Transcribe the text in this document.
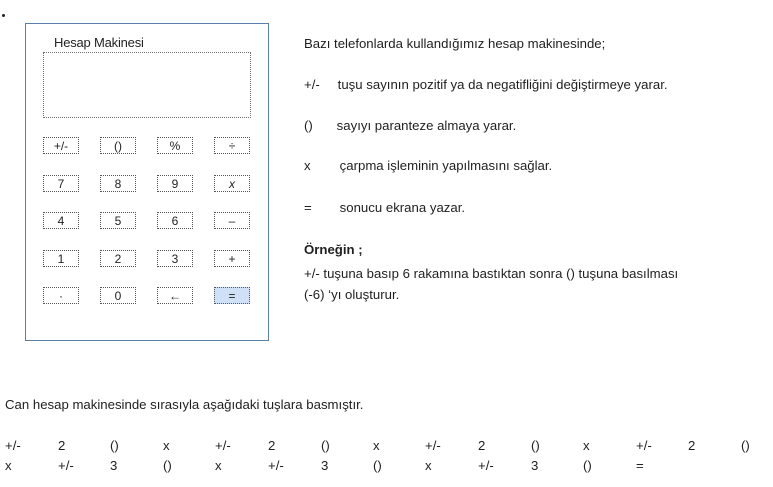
Hesap Makinesi
+/-	()	%	÷
7	8	9	x
4	5	6	–
1	2	3	+
·	0	←	=
Bazı telefonlarda kullandığımız hesap makinesinde;
+/- tuşu sayının pozitif ya da negatifliğini değiştirmeye yarar.
() sayıyı paranteze almaya yarar.
x çarpma işleminin yapılmasını sağlar.
= sonucu ekrana yazar.
Örneğin ;
+/- tuşuna basıp 6 rakamına bastıktan sonra () tuşuna basılması
(-6) ‘yı oluşturur.
Can hesap makinesinde sırasıyla aşağıdaki tuşlara basmıştır.
+/-	2	()	x	+/-	2	()	x	+/-	2	()	x	+/-	2	()
x	+/-	3	()	x	+/-	3	()	x	+/-	3	()	=
